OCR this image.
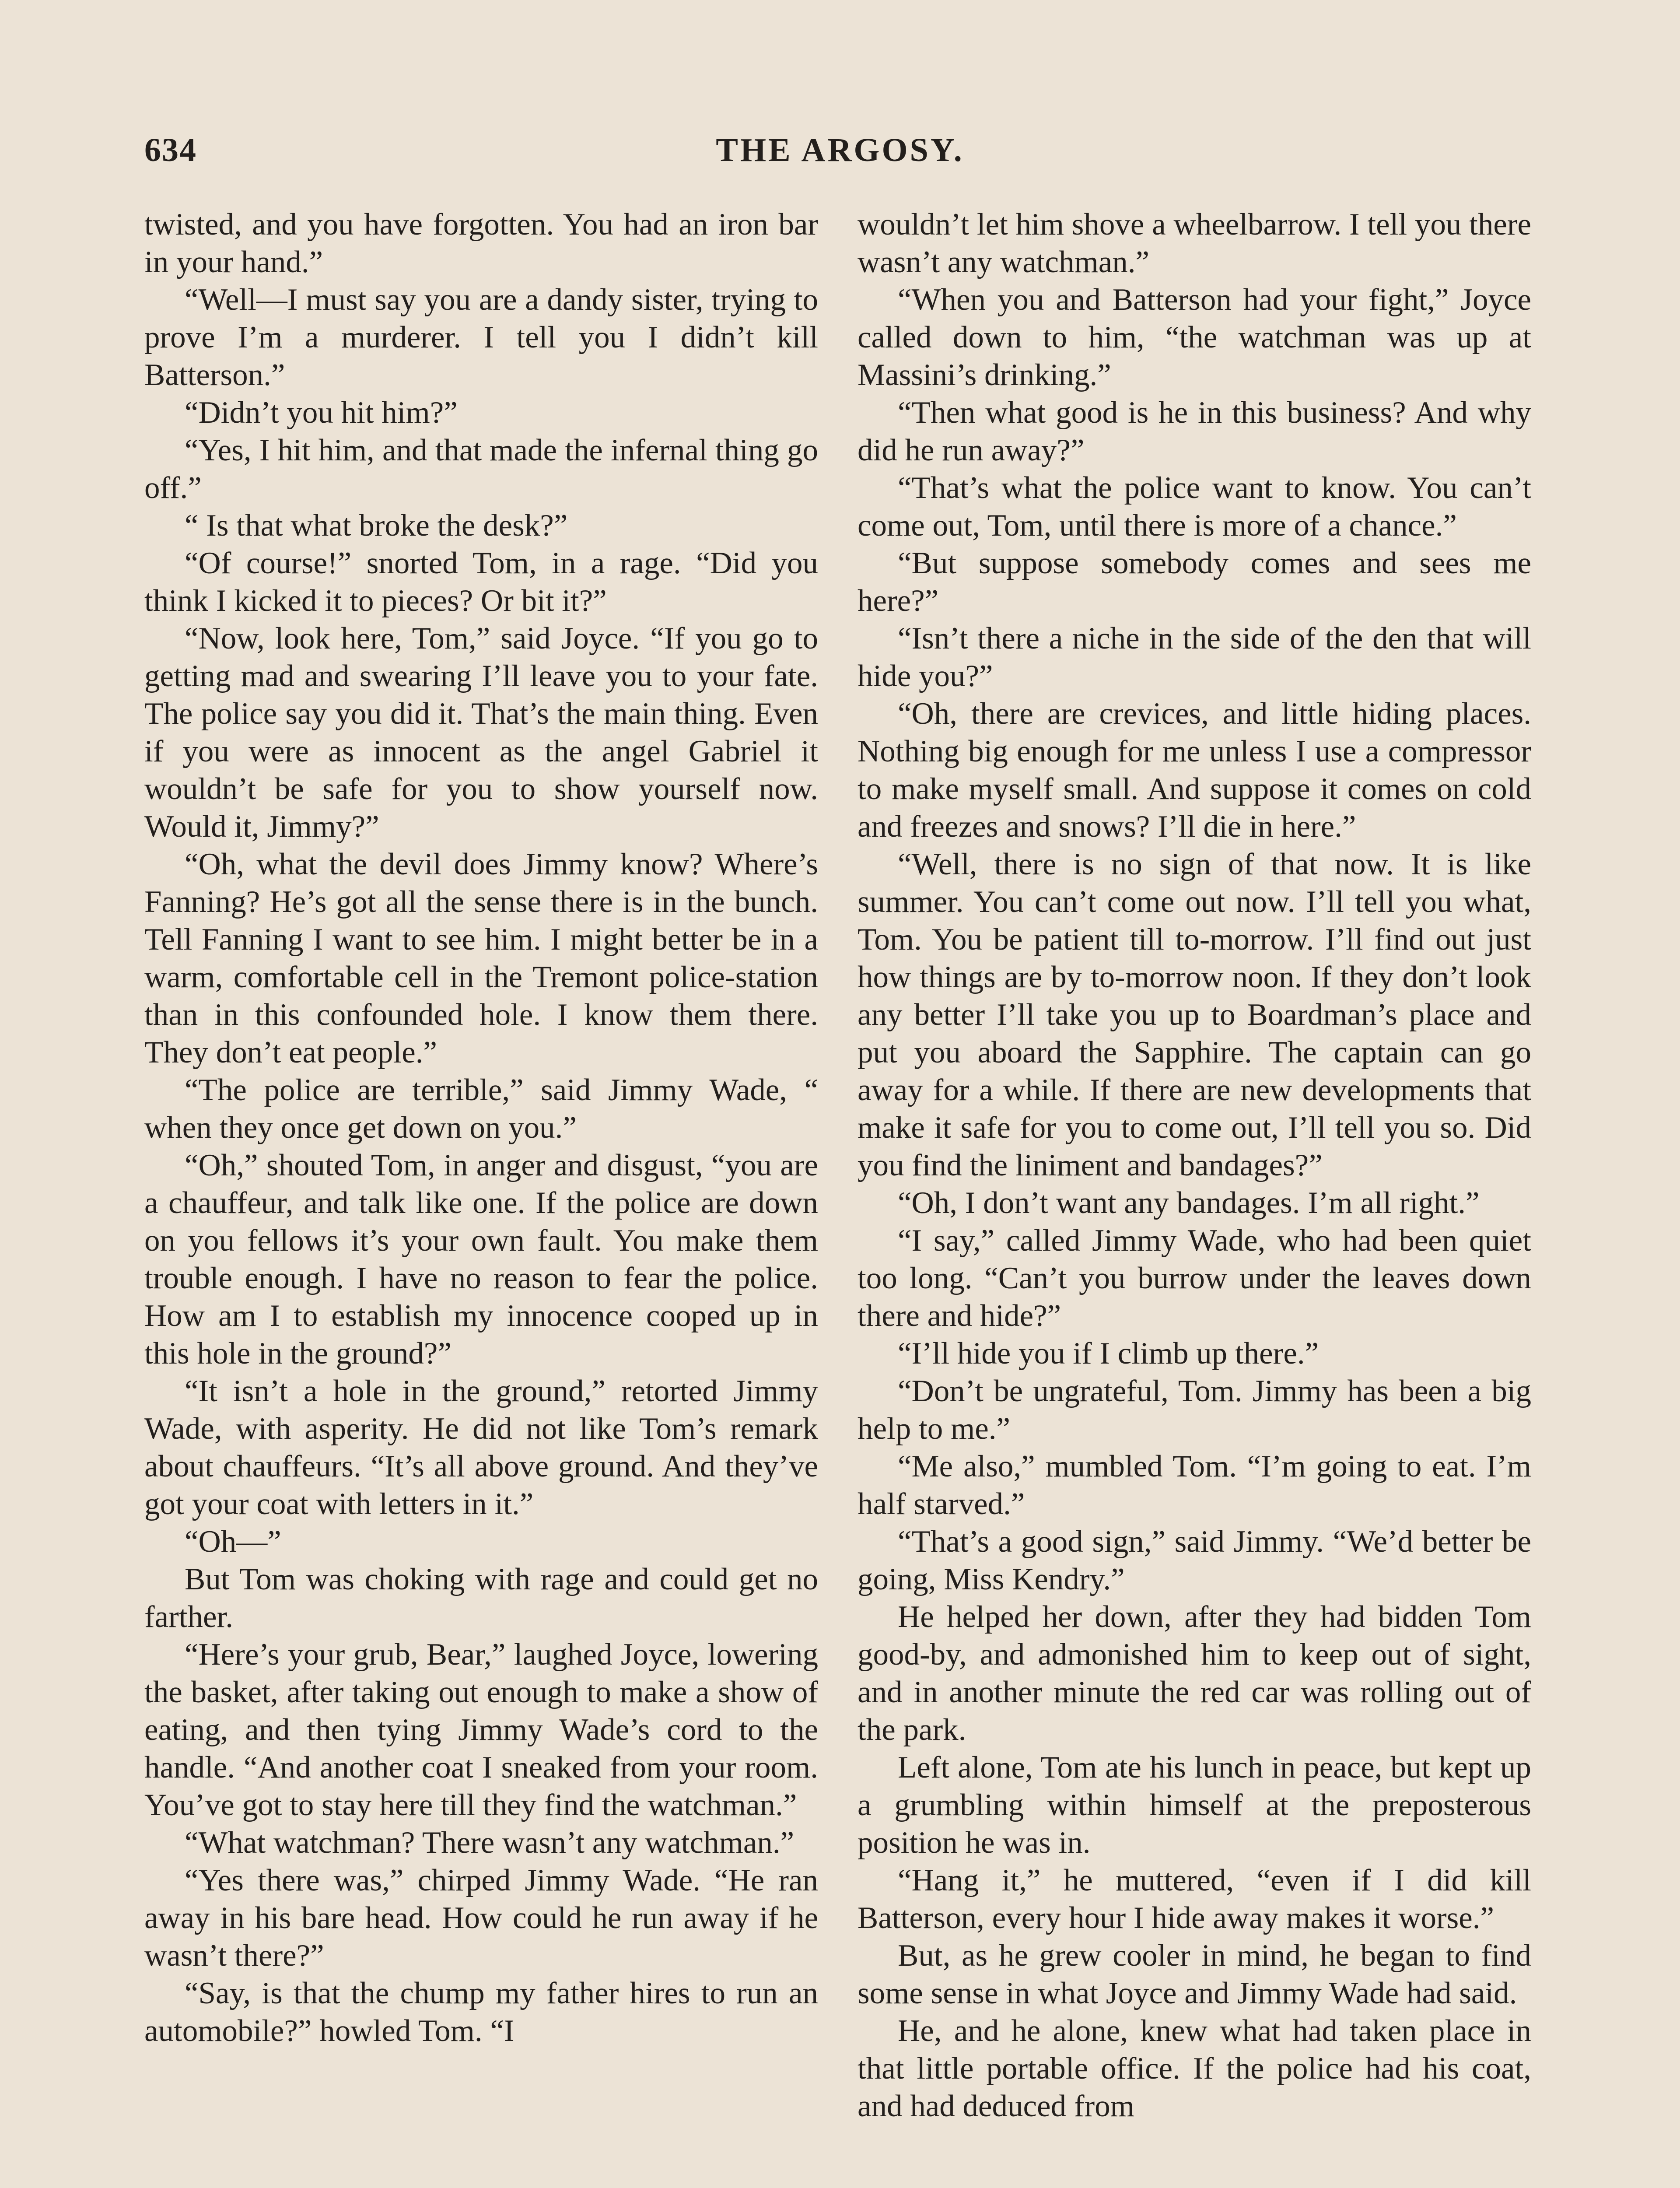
634	THE ARGOSY.

twisted, and you have forgotten. You had an iron bar in your hand.”

“Well—I must say you are a dandy sister, trying to prove I’m a murderer. I tell you I didn’t kill Batterson.”

“Didn’t you hit him?”

“Yes, I hit him, and that made the infernal thing go off.”

“ Is that what broke the desk?”

“Of course!” snorted Tom, in a rage. “Did you think I kicked it to pieces? Or bit it?”

“Now, look here, Tom,” said Joyce. “If you go to getting mad and swearing I’ll leave you to your fate. The police say you did it. That’s the main thing. Even if you were as innocent as the angel Gabriel it wouldn’t be safe for you to show yourself now. Would it, Jimmy?”

“Oh, what the devil does Jimmy know? Where’s Fanning? He’s got all the sense there is in the bunch. Tell Fanning I want to see him. I might better be in a warm, comfortable cell in the Tremont police-station than in this confounded hole. I know them there. They don’t eat people.”

“The police are terrible,” said Jimmy Wade, “ when they once get down on you.”

“Oh,” shouted Tom, in anger and disgust, “you are a chauffeur, and talk like one. If the police are down on you fellows it’s your own fault. You make them trouble enough. I have no reason to fear the police. How am I to establish my innocence cooped up in this hole in the ground?”

“It isn’t a hole in the ground,” retorted Jimmy Wade, with asperity. He did not like Tom’s remark about chauffeurs. “It’s all above ground. And they’ve got your coat with letters in it.”

“Oh—”

But Tom was choking with rage and could get no farther.

“Here’s your grub, Bear,” laughed Joyce, lowering the basket, after taking out enough to make a show of eating, and then tying Jimmy Wade’s cord to the handle. “And another coat I sneaked from your room. You’ve got to stay here till they find the watchman.”

“What watchman? There wasn’t any watchman.”

“Yes there was,” chirped Jimmy Wade. “He ran away in his bare head. How could he run away if he wasn’t there?”

“Say, is that the chump my father hires to run an automobile?” howled Tom. “I

wouldn’t let him shove a wheelbarrow. I tell you there wasn’t any watchman.”

“When you and Batterson had your fight,” Joyce called down to him, “the watchman was up at Massini’s drinking.”

“Then what good is he in this business? And why did he run away?”

“That’s what the police want to know. You can’t come out, Tom, until there is more of a chance.”

“But suppose somebody comes and sees me here?”

“Isn’t there a niche in the side of the den that will hide you?”

“Oh, there are crevices, and little hiding places. Nothing big enough for me unless I use a compressor to make myself small. And suppose it comes on cold and freezes and snows? I’ll die in here.”

“Well, there is no sign of that now. It is like summer. You can’t come out now. I’ll tell you what, Tom. You be patient till to-morrow. I’ll find out just how things are by to-morrow noon. If they don’t look any better I’ll take you up to Boardman’s place and put you aboard the Sapphire. The captain can go away for a while. If there are new developments that make it safe for you to come out, I’ll tell you so. Did you find the liniment and bandages?”

“Oh, I don’t want any bandages. I’m all right.”

“I say,” called Jimmy Wade, who had been quiet too long. “Can’t you burrow under the leaves down there and hide?”

“I’ll hide you if I climb up there.”

“Don’t be ungrateful, Tom. Jimmy has been a big help to me.”

“Me also,” mumbled Tom. “I’m going to eat. I’m half starved.”

“That’s a good sign,” said Jimmy. “We’d better be going, Miss Kendry.”

He helped her down, after they had bidden Tom good-by, and admonished him to keep out of sight, and in another minute the red car was rolling out of the park.

Left alone, Tom ate his lunch in peace, but kept up a grumbling within himself at the preposterous position he was in.

“Hang it,” he muttered, “even if I did kill Batterson, every hour I hide away makes it worse.”

But, as he grew cooler in mind, he began to find some sense in what Joyce and Jimmy Wade had said.

He, and he alone, knew what had taken place in that little portable office. If the police had his coat, and had deduced from
